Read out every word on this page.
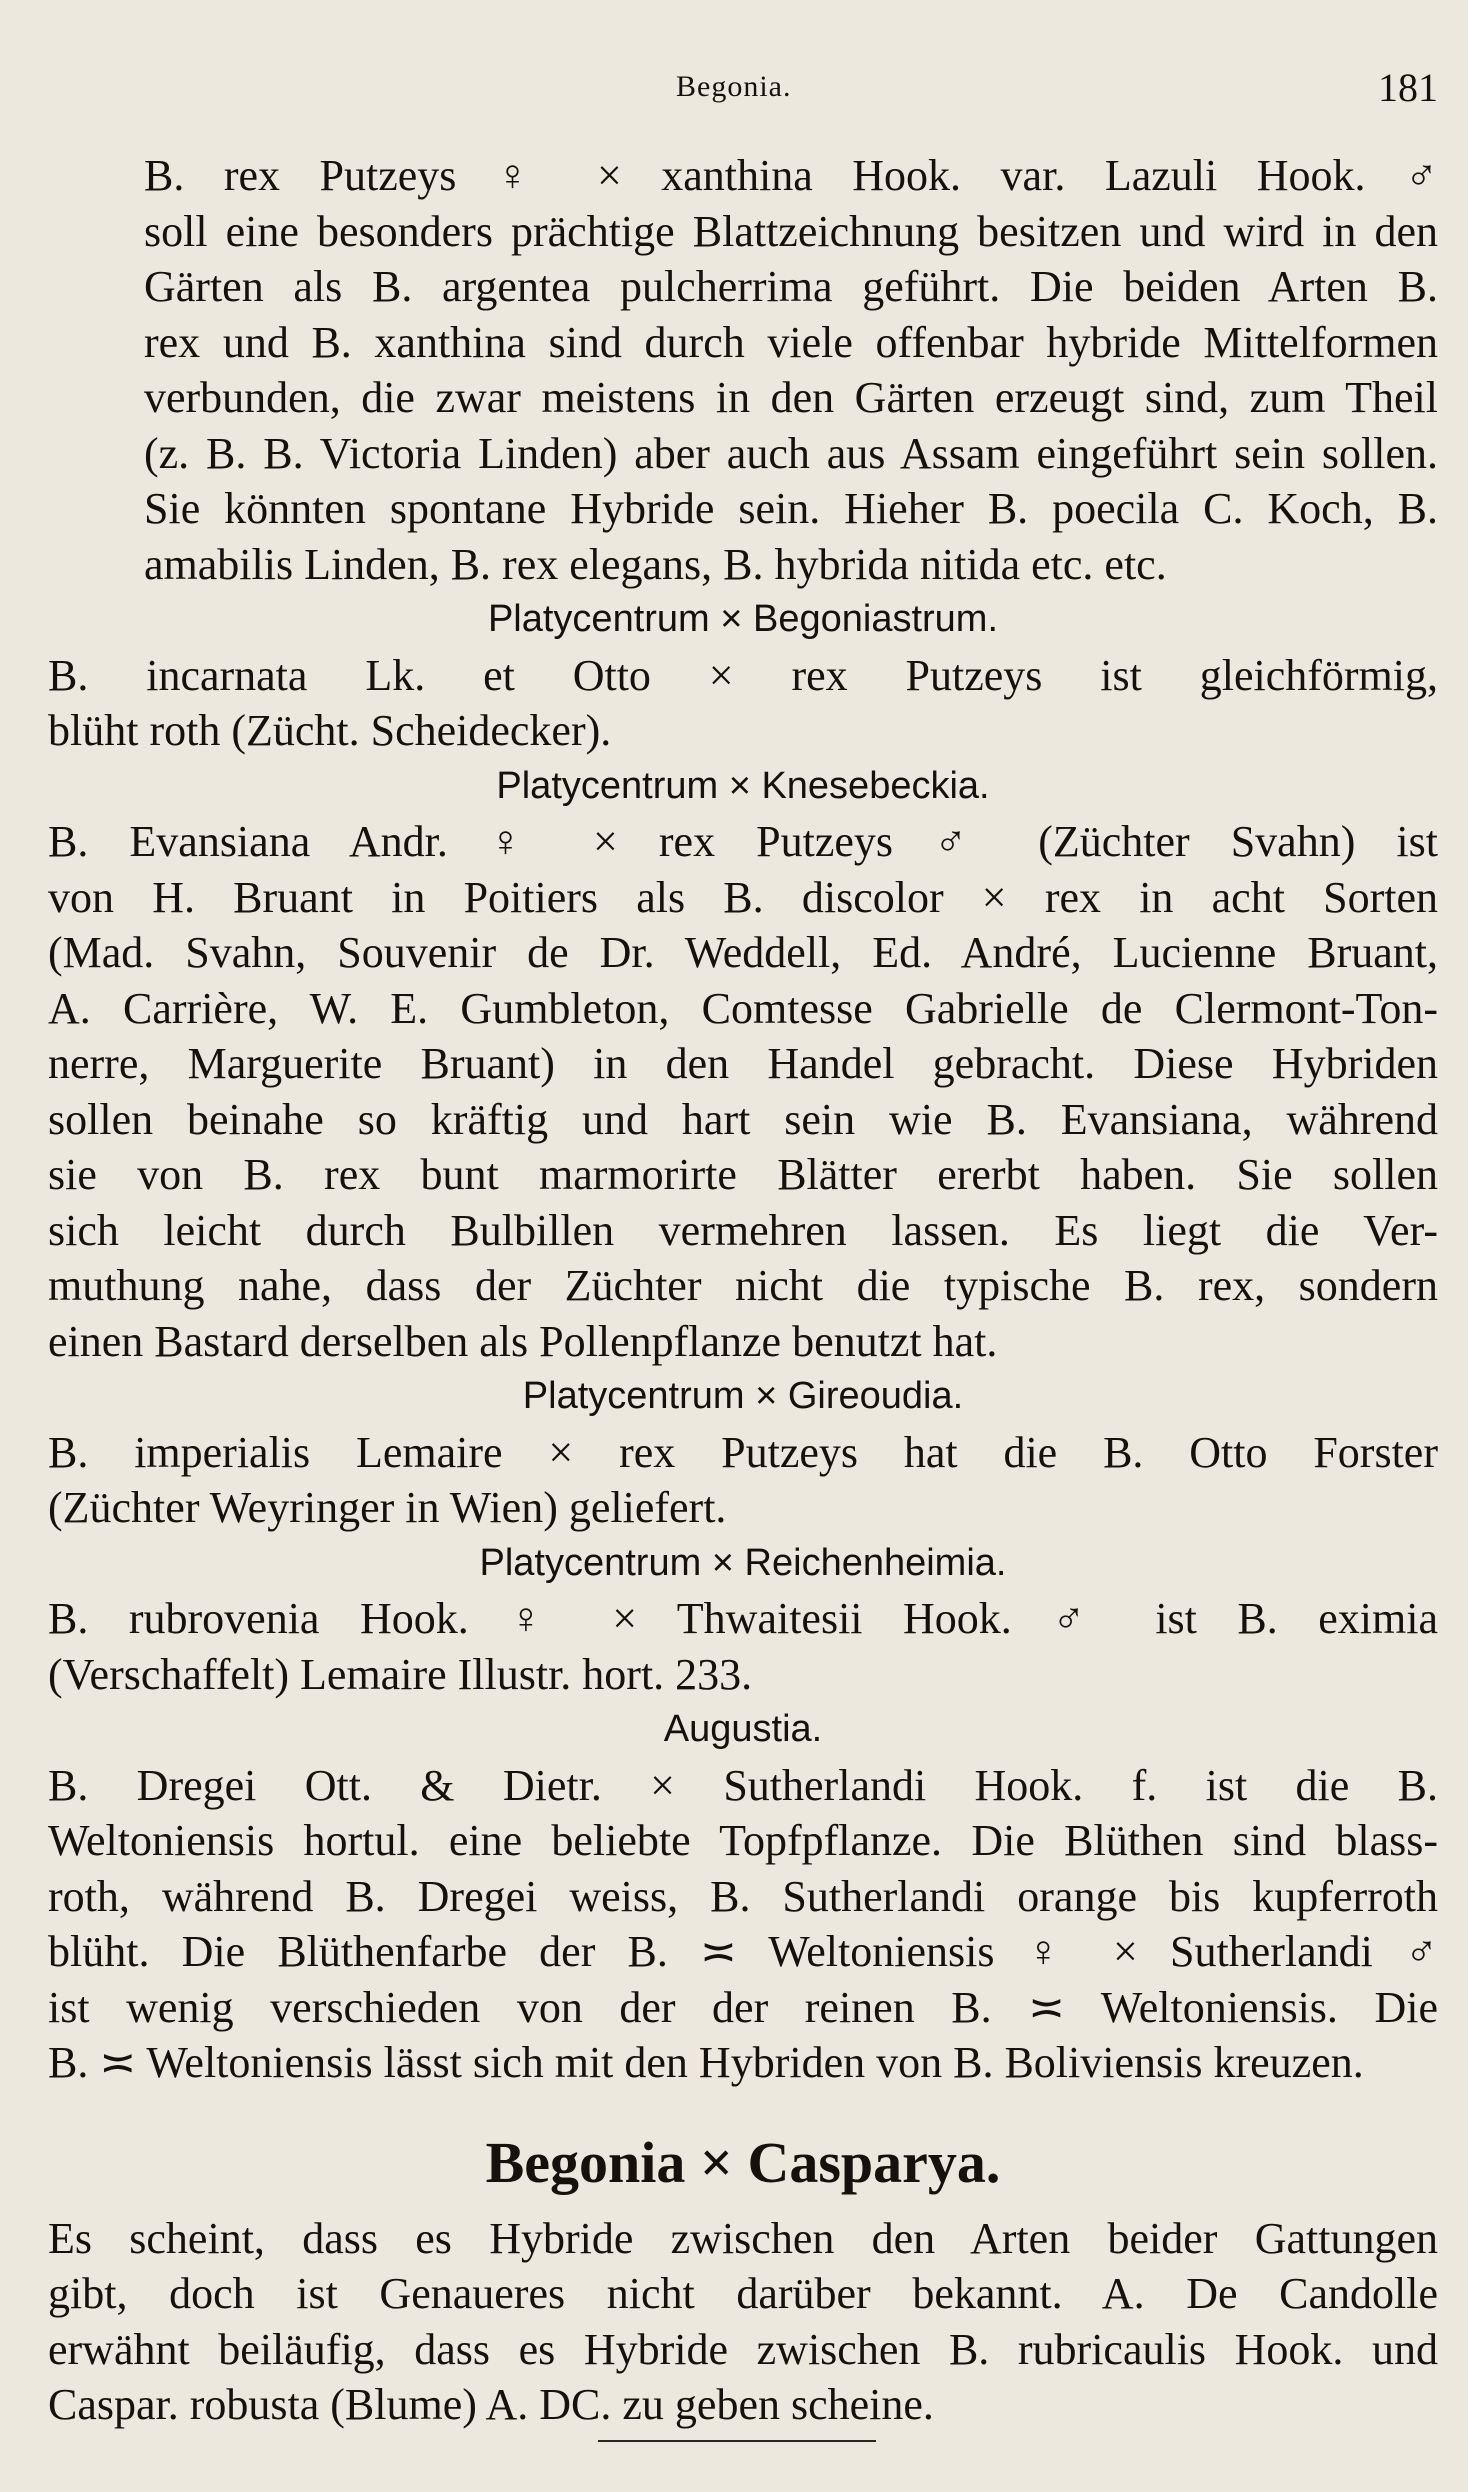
Begonia.	181
B. rex Putzeys ♀ × xanthina Hook. var. Lazuli Hook. ♂
soll eine besonders prächtige Blattzeichnung besitzen und wird in den
Gärten als B. argentea pulcherrima geführt. Die beiden Arten B.
rex und B. xanthina sind durch viele offenbar hybride Mittelformen
verbunden, die zwar meistens in den Gärten erzeugt sind, zum Theil
(z. B. B. Victoria Linden) aber auch aus Assam eingeführt sein sollen.
Sie könnten spontane Hybride sein. Hieher B. poecila C. Koch, B.
amabilis Linden, B. rex elegans, B. hybrida nitida etc. etc.
Platycentrum × Begoniastrum.
B. incarnata Lk. et Otto × rex Putzeys ist gleichförmig,
blüht roth (Zücht. Scheidecker).
Platycentrum × Knesebeckia.
B. Evansiana Andr. ♀ × rex Putzeys ♂ (Züchter Svahn) ist
von H. Bruant in Poitiers als B. discolor × rex in acht Sorten
(Mad. Svahn, Souvenir de Dr. Weddell, Ed. André, Lucienne Bruant,
A. Carrière, W. E. Gumbleton, Comtesse Gabrielle de Clermont-Ton-
nerre, Marguerite Bruant) in den Handel gebracht. Diese Hybriden
sollen beinahe so kräftig und hart sein wie B. Evansiana, während
sie von B. rex bunt marmorirte Blätter ererbt haben. Sie sollen
sich leicht durch Bulbillen vermehren lassen. Es liegt die Ver-
muthung nahe, dass der Züchter nicht die typische B. rex, sondern
einen Bastard derselben als Pollenpflanze benutzt hat.
Platycentrum × Gireoudia.
B. imperialis Lemaire × rex Putzeys hat die B. Otto Forster
(Züchter Weyringer in Wien) geliefert.
Platycentrum × Reichenheimia.
B. rubrovenia Hook. ♀ × Thwaitesii Hook. ♂ ist B. eximia
(Verschaffelt) Lemaire Illustr. hort. 233.
Augustia.
B. Dregei Ott. & Dietr. × Sutherlandi Hook. f. ist die B.
Weltoniensis hortul. eine beliebte Topfpflanze. Die Blüthen sind blass-
roth, während B. Dregei weiss, B. Sutherlandi orange bis kupferroth
blüht. Die Blüthenfarbe der B. ≍ Weltoniensis ♀ × Sutherlandi ♂
ist wenig verschieden von der der reinen B. ≍ Weltoniensis. Die
B. ≍ Weltoniensis lässt sich mit den Hybriden von B. Boliviensis kreuzen.
Begonia × Casparya.
Es scheint, dass es Hybride zwischen den Arten beider Gattungen
gibt, doch ist Genaueres nicht darüber bekannt. A. De Candolle
erwähnt beiläufig, dass es Hybride zwischen B. rubricaulis Hook. und
Caspar. robusta (Blume) A. DC. zu geben scheine.
